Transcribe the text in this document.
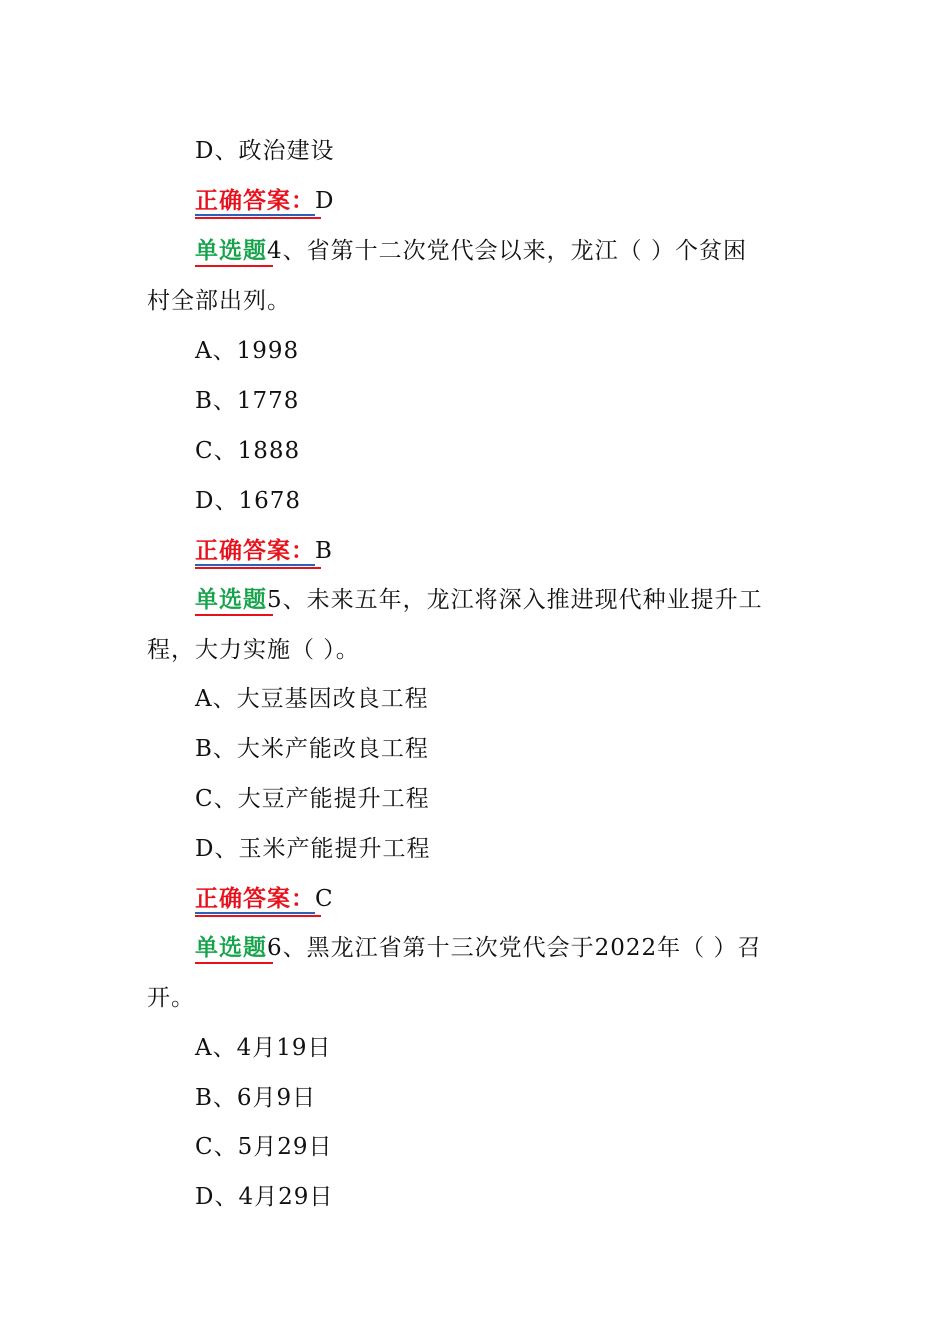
D、政治建设
正确答案：D
单选题4、省第十二次党代会以来，龙江（ ）个贫困
村全部出列。
A、1998
B、1778
C、1888
D、1678
正确答案：B
单选题5、未来五年，龙江将深入推进现代种业提升工
程，大力实施（ ）。
A、大豆基因改良工程
B、大米产能改良工程
C、大豆产能提升工程
D、玉米产能提升工程
正确答案：C
单选题6、黑龙江省第十三次党代会于2022年（ ）召
开。
A、4月19日
B、6月9日
C、5月29日
D、4月29日
